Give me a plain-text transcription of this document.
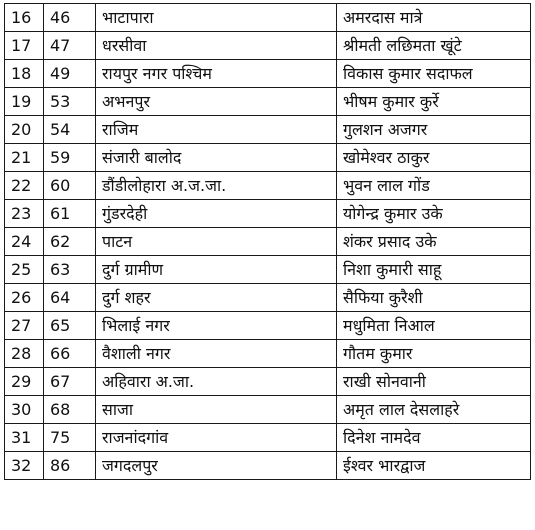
16	46	भाटापारा	अमरदास मात्रे
17	47	धरसीवा	श्रीमती लछिमता खूंटे
18	49	रायपुर नगर पश्चिम	विकास कुमार सदाफल
19	53	अभनपुर	भीषम कुमार कुर्रे
20	54	राजिम	गुलशन अजगर
21	59	संजारी बालोद	खोमेश्वर ठाकुर
22	60	डौंडीलोहारा अ.ज.जा.	भुवन लाल गोंड
23	61	गुंडरदेही	योगेन्द्र कुमार उके
24	62	पाटन	शंकर प्रसाद उके
25	63	दुर्ग ग्रामीण	निशा कुमारी साहू
26	64	दुर्ग शहर	सैफिया कुरैशी
27	65	भिलाई नगर	मधुमिता निआल
28	66	वैशाली नगर	गौतम कुमार
29	67	अहिवारा अ.जा.	राखी सोनवानी
30	68	साजा	अमृत लाल देसलाहरे
31	75	राजनांदगांव	दिनेश नामदेव
32	86	जगदलपुर	ईश्वर भारद्वाज
